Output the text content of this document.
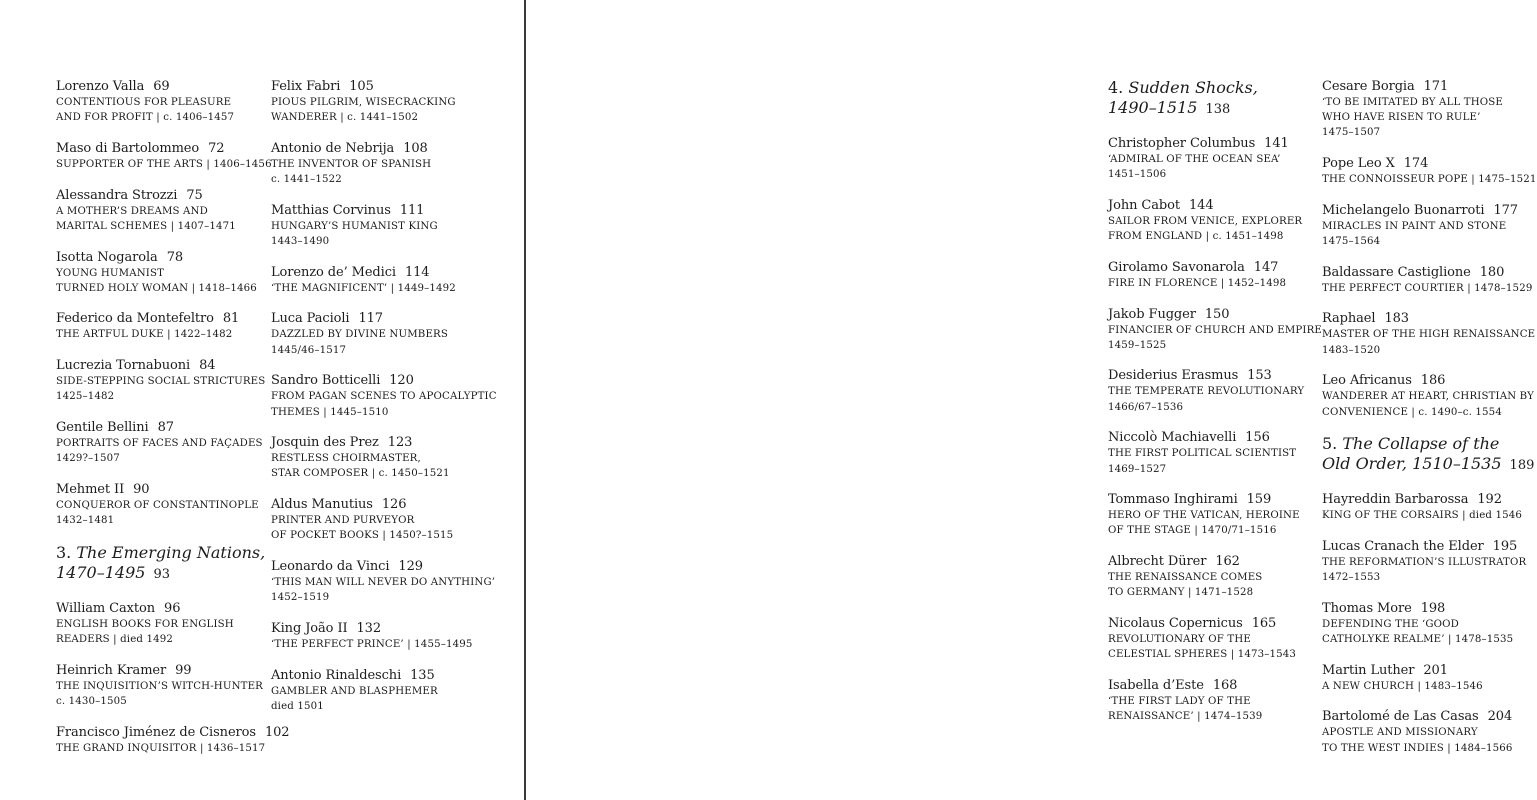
Lorenzo Valla 69
CONTENTIOUS FOR PLEASURE
AND FOR PROFIT | c. 1406–1457
Maso di Bartolommeo 72
SUPPORTER OF THE ARTS | 1406–1456
Alessandra Strozzi 75
A MOTHER’S DREAMS AND
MARITAL SCHEMES | 1407–1471
Isotta Nogarola 78
YOUNG HUMANIST
TURNED HOLY WOMAN | 1418–1466
Federico da Montefeltro 81
THE ARTFUL DUKE | 1422–1482
Lucrezia Tornabuoni 84
SIDE-STEPPING SOCIAL STRICTURES
1425–1482
Gentile Bellini 87
PORTRAITS OF FACES AND FAÇADES
1429?–1507
Mehmet II 90
CONQUEROR OF CONSTANTINOPLE
1432–1481
3. The Emerging Nations,
1470–1495 93
William Caxton 96
ENGLISH BOOKS FOR ENGLISH
READERS | died 1492
Heinrich Kramer 99
THE INQUISITION’S WITCH-HUNTER
c. 1430–1505
Francisco Jiménez de Cisneros 102
THE GRAND INQUISITOR | 1436–1517
Felix Fabri 105
PIOUS PILGRIM, WISECRACKING
WANDERER | c. 1441–1502
Antonio de Nebrija 108
THE INVENTOR OF SPANISH
c. 1441–1522
Matthias Corvinus 111
HUNGARY’S HUMANIST KING
1443–1490
Lorenzo de’ Medici 114
‘THE MAGNIFICENT’ | 1449–1492
Luca Pacioli 117
DAZZLED BY DIVINE NUMBERS
1445/46–1517
Sandro Botticelli 120
FROM PAGAN SCENES TO APOCALYPTIC
THEMES | 1445–1510
Josquin des Prez 123
RESTLESS CHOIRMASTER,
STAR COMPOSER | c. 1450–1521
Aldus Manutius 126
PRINTER AND PURVEYOR
OF POCKET BOOKS | 1450?–1515
Leonardo da Vinci 129
‘THIS MAN WILL NEVER DO ANYTHING’
1452–1519
King João II 132
‘THE PERFECT PRINCE’ | 1455–1495
Antonio Rinaldeschi 135
GAMBLER AND BLASPHEMER
died 1501
4. Sudden Shocks,
1490–1515 138
Christopher Columbus 141
‘ADMIRAL OF THE OCEAN SEA’
1451–1506
John Cabot 144
SAILOR FROM VENICE, EXPLORER
FROM ENGLAND | c. 1451–1498
Girolamo Savonarola 147
FIRE IN FLORENCE | 1452–1498
Jakob Fugger 150
FINANCIER OF CHURCH AND EMPIRE
1459–1525
Desiderius Erasmus 153
THE TEMPERATE REVOLUTIONARY
1466/67–1536
Niccolò Machiavelli 156
THE FIRST POLITICAL SCIENTIST
1469–1527
Tommaso Inghirami 159
HERO OF THE VATICAN, HEROINE
OF THE STAGE | 1470/71–1516
Albrecht Dürer 162
THE RENAISSANCE COMES
TO GERMANY | 1471–1528
Nicolaus Copernicus 165
REVOLUTIONARY OF THE
CELESTIAL SPHERES | 1473–1543
Isabella d’Este 168
‘THE FIRST LADY OF THE
RENAISSANCE’ | 1474–1539
Cesare Borgia 171
‘TO BE IMITATED BY ALL THOSE
WHO HAVE RISEN TO RULE’
1475–1507
Pope Leo X 174
THE CONNOISSEUR POPE | 1475–1521
Michelangelo Buonarroti 177
MIRACLES IN PAINT AND STONE
1475–1564
Baldassare Castiglione 180
THE PERFECT COURTIER | 1478–1529
Raphael 183
MASTER OF THE HIGH RENAISSANCE
1483–1520
Leo Africanus 186
WANDERER AT HEART, CHRISTIAN BY
CONVENIENCE | c. 1490–c. 1554
5. The Collapse of the
Old Order, 1510–1535 189
Hayreddin Barbarossa 192
KING OF THE CORSAIRS | died 1546
Lucas Cranach the Elder 195
THE REFORMATION’S ILLUSTRATOR
1472–1553
Thomas More 198
DEFENDING THE ‘GOOD
CATHOLYKE REALME’ | 1478–1535
Martin Luther 201
A NEW CHURCH | 1483–1546
Bartolomé de Las Casas 204
APOSTLE AND MISSIONARY
TO THE WEST INDIES | 1484–1566
